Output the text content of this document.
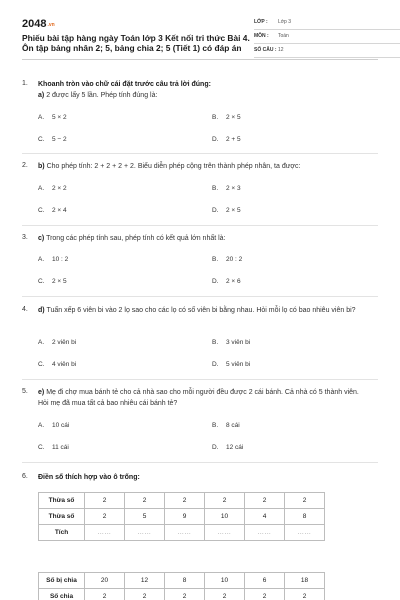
2048.vn
Phiếu bài tập hàng ngày Toán lớp 3 Kết nối tri thức Bài 4. Ôn tập bảng nhân 2; 5, bảng chia 2; 5 (Tiết 1) có đáp án
LỚP : Lớp 3
MÔN : Toán
SỐ CÂU : 12
1. Khoanh tròn vào chữ cái đặt trước câu trả lời đúng:
a) 2 được lấy 5 lần. Phép tính đúng là:
A. 5 × 2	B. 2 × 5
C. 5 − 2	D. 2 + 5
2. b) Cho phép tính: 2 + 2 + 2 + 2. Biểu diễn phép cộng trên thành phép nhân, ta được:
A. 2 × 2	B. 2 × 3
C. 2 × 4	D. 2 × 5
3. c) Trong các phép tính sau, phép tính có kết quả lớn nhất là:
A. 10 : 2	B. 20 : 2
C. 2 × 5	D. 2 × 6
4. d) Tuấn xếp 6 viên bi vào 2 lọ sao cho các lọ có số viên bi bằng nhau. Hỏi mỗi lọ có bao nhiêu viên bi?
A. 2 viên bi	B. 3 viên bi
C. 4 viên bi	D. 5 viên bi
5. e) Mẹ đi chợ mua bánh tẻ cho cả nhà sao cho mỗi người đều được 2 cái bánh. Cả nhà có 5 thành viên. Hỏi mẹ đã mua tất cả bao nhiêu cái bánh tẻ?
A. 10 cái	B. 8 cái
C. 11 cái	D. 12 cái
6. Điền số thích hợp vào ô trống:
Thừa số	2	2	2	2	2	2
Thừa số	2	5	9	10	4	8
Tích	……	……	……	……	……	……
Số bị chia	20	12	8	10	6	18
Số chia	2	2	2	2	2	2
